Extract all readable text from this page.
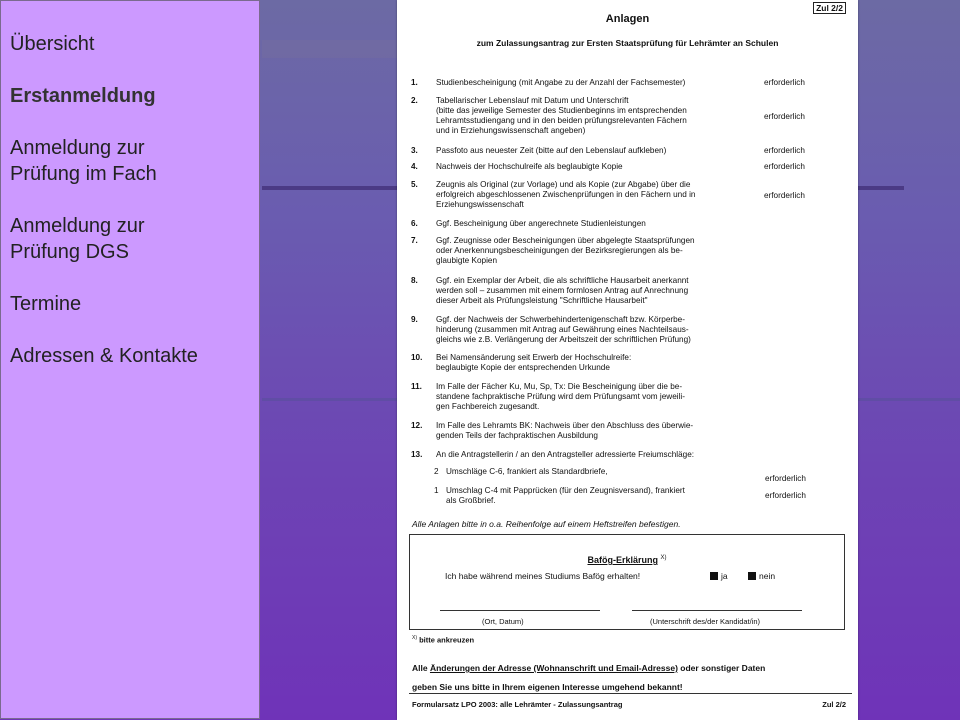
Übersicht
Erstanmeldung
Anmeldung zur
Prüfung im Fach
Anmeldung zur
Prüfung DGS
Termine
Adressen & Kontakte
Zul 2/2
Anlagen
zum Zulassungsantrag zur Ersten Staatsprüfung für Lehrämter an Schulen
1. Studienbescheinigung (mit Angabe zu der Anzahl der Fachsemester)	erforderlich
2. Tabellarischer Lebenslauf mit Datum und Unterschrift
(bitte das jeweilige Semester des Studienbeginns im entsprechenden
Lehramtsstudiengang und in den beiden prüfungsrelevanten Fächern
und in Erziehungswissenschaft angeben)
erforderlich
3. Passfoto aus neuester Zeit (bitte auf den Lebenslauf aufkleben)	erforderlich
4. Nachweis der Hochschulreife als beglaubigte Kopie	erforderlich
5. Zeugnis als Original (zur Vorlage) und als Kopie (zur Abgabe) über die
erfolgreich abgeschlossenen Zwischenprüfungen in den Fächern und in
Erziehungswissenschaft
erforderlich
6. Ggf. Bescheinigung über angerechnete Studienleistungen
7. Ggf. Zeugnisse oder Bescheinigungen über abgelegte Staatsprüfungen
oder Anerkennungsbescheinigungen der Bezirksregierungen als be-
glaubigte Kopien
8. Ggf. ein Exemplar der Arbeit, die als schriftliche Hausarbeit anerkannt
werden soll – zusammen mit einem formlosen Antrag auf Anrechnung
dieser Arbeit als Prüfungsleistung "Schriftliche Hausarbeit"
9. Ggf. der Nachweis der Schwerbehindertenigenschaft bzw. Körperbe-
hinderung (zusammen mit Antrag auf Gewährung eines Nachteilsaus-
gleichs wie z.B. Verlängerung der Arbeitszeit der schriftlichen Prüfung)
10. Bei Namensänderung seit Erwerb der Hochschulreife:
beglaubigte Kopie der entsprechenden Urkunde
11. Im Falle der Fächer Ku, Mu, Sp, Tx: Die Bescheinigung über die be-
standene fachpraktische Prüfung wird dem Prüfungsamt vom jeweili-
gen Fachbereich zugesandt.
12. Im Falle des Lehramts BK: Nachweis über den Abschluss des überwie-
genden Teils der fachpraktischen Ausbildung
13. An die Antragstellerin / an den Antragsteller adressierte Freiumschläge:
2 Umschläge C-6, frankiert als Standardbriefe,
erforderlich
1 Umschlag C-4 mit Papprücken (für den Zeugnisversand), frankiert
als Großbrief.
erforderlich
Alle Anlagen bitte in o.a. Reihenfolge auf einem Heftstreifen befestigen.
Bafög-Erklärung $^{X)}$
Ich habe während meines Studiums Bafög erhalten!	ja	nein
(Ort, Datum)	(Unterschrift des/der Kandidat/in)
$^{X)}$ bitte ankreuzen
Alle Änderungen der Adresse (Wohnanschrift und Email-Adresse) oder sonstiger Daten
geben Sie uns bitte in Ihrem eigenen Interesse umgehend bekannt!
Formularsatz LPO 2003: alle Lehrämter - Zulassungsantrag	Zul 2/2
